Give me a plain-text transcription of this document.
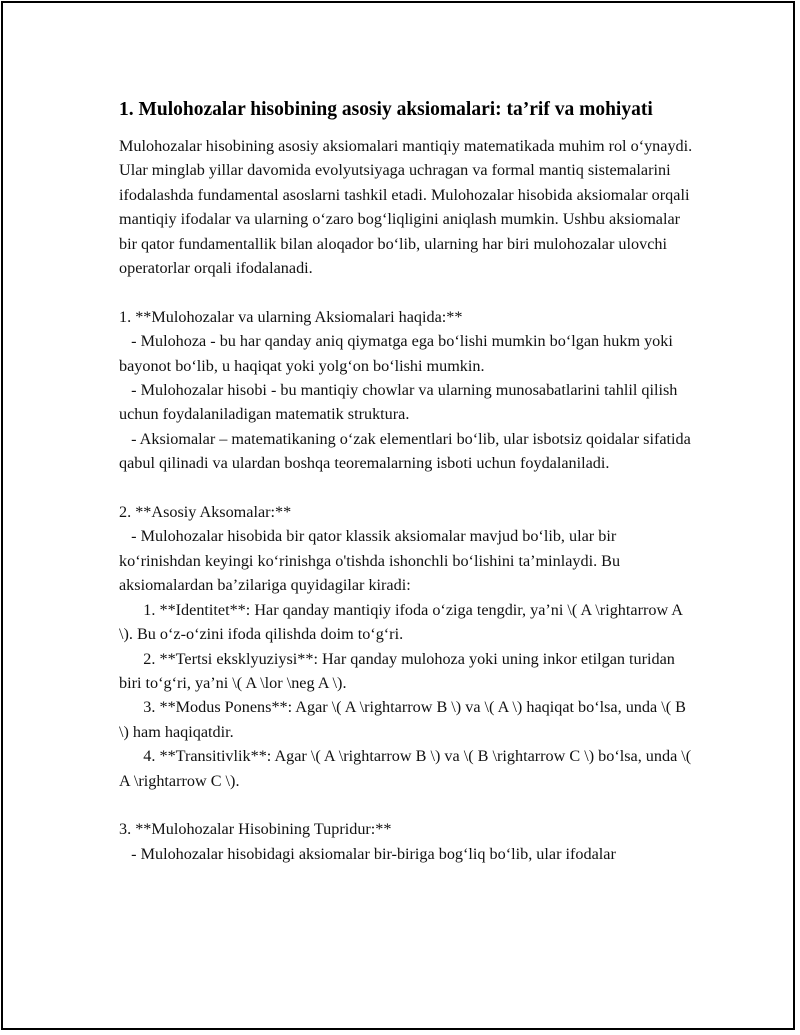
1. Mulohozalar hisobining asosiy aksiomalari: ta’rif va mohiyati

Mulohozalar hisobining asosiy aksiomalari mantiqiy matematikada muhim rol o‘ynaydi. Ular minglab yillar davomida evolyutsiyaga uchragan va formal mantiq sistemalarini ifodalashda fundamental asoslarni tashkil etadi. Mulohozalar hisobida aksiomalar orqali mantiqiy ifodalar va ularning o‘zaro bog‘liqligini aniqlash mumkin. Ushbu aksiomalar bir qator fundamentallik bilan aloqador bo‘lib, ularning har biri mulohozalar ulovchi operatorlar orqali ifodalanadi.

1. **Mulohozalar va ularning Aksiomalari haqida:**

- Mulohoza - bu har qanday aniq qiymatga ega bo‘lishi mumkin bo‘lgan hukm yoki bayonot bo‘lib, u haqiqat yoki yolg‘on bo‘lishi mumkin.

- Mulohozalar hisobi - bu mantiqiy chowlar va ularning munosabatlarini tahlil qilish uchun foydalaniladigan matematik struktura.

- Aksiomalar – matematikaning o‘zak elementlari bo‘lib, ular isbotsiz qoidalar sifatida qabul qilinadi va ulardan boshqa teoremalarning isboti uchun foydalaniladi.

2. **Asosiy Aksomalar:**

- Mulohozalar hisobida bir qator klassik aksiomalar mavjud bo‘lib, ular bir ko‘rinishdan keyingi ko‘rinishga o'tishda ishonchli bo‘lishini ta’minlaydi. Bu aksiomalardan ba’zilariga quyidagilar kiradi:

1. **Identitet**: Har qanday mantiqiy ifoda o‘ziga tengdir, ya’ni \( A \rightarrow A \). Bu o‘z-o‘zini ifoda qilishda doim to‘g‘ri.

2. **Tertsi eksklyuziysi**: Har qanday mulohoza yoki uning inkor etilgan turidan biri to‘g‘ri, ya’ni \( A \lor \neg A \).

3. **Modus Ponens**: Agar \( A \rightarrow B \) va \( A \) haqiqat bo‘lsa, unda \( B \) ham haqiqatdir.

4. **Transitivlik**: Agar \( A \rightarrow B \) va \( B \rightarrow C \) bo‘lsa, unda \( A \rightarrow C \).

3. **Mulohozalar Hisobining Tupridur:**

- Mulohozalar hisobidagi aksiomalar bir-biriga bog‘liq bo‘lib, ular ifodalar
